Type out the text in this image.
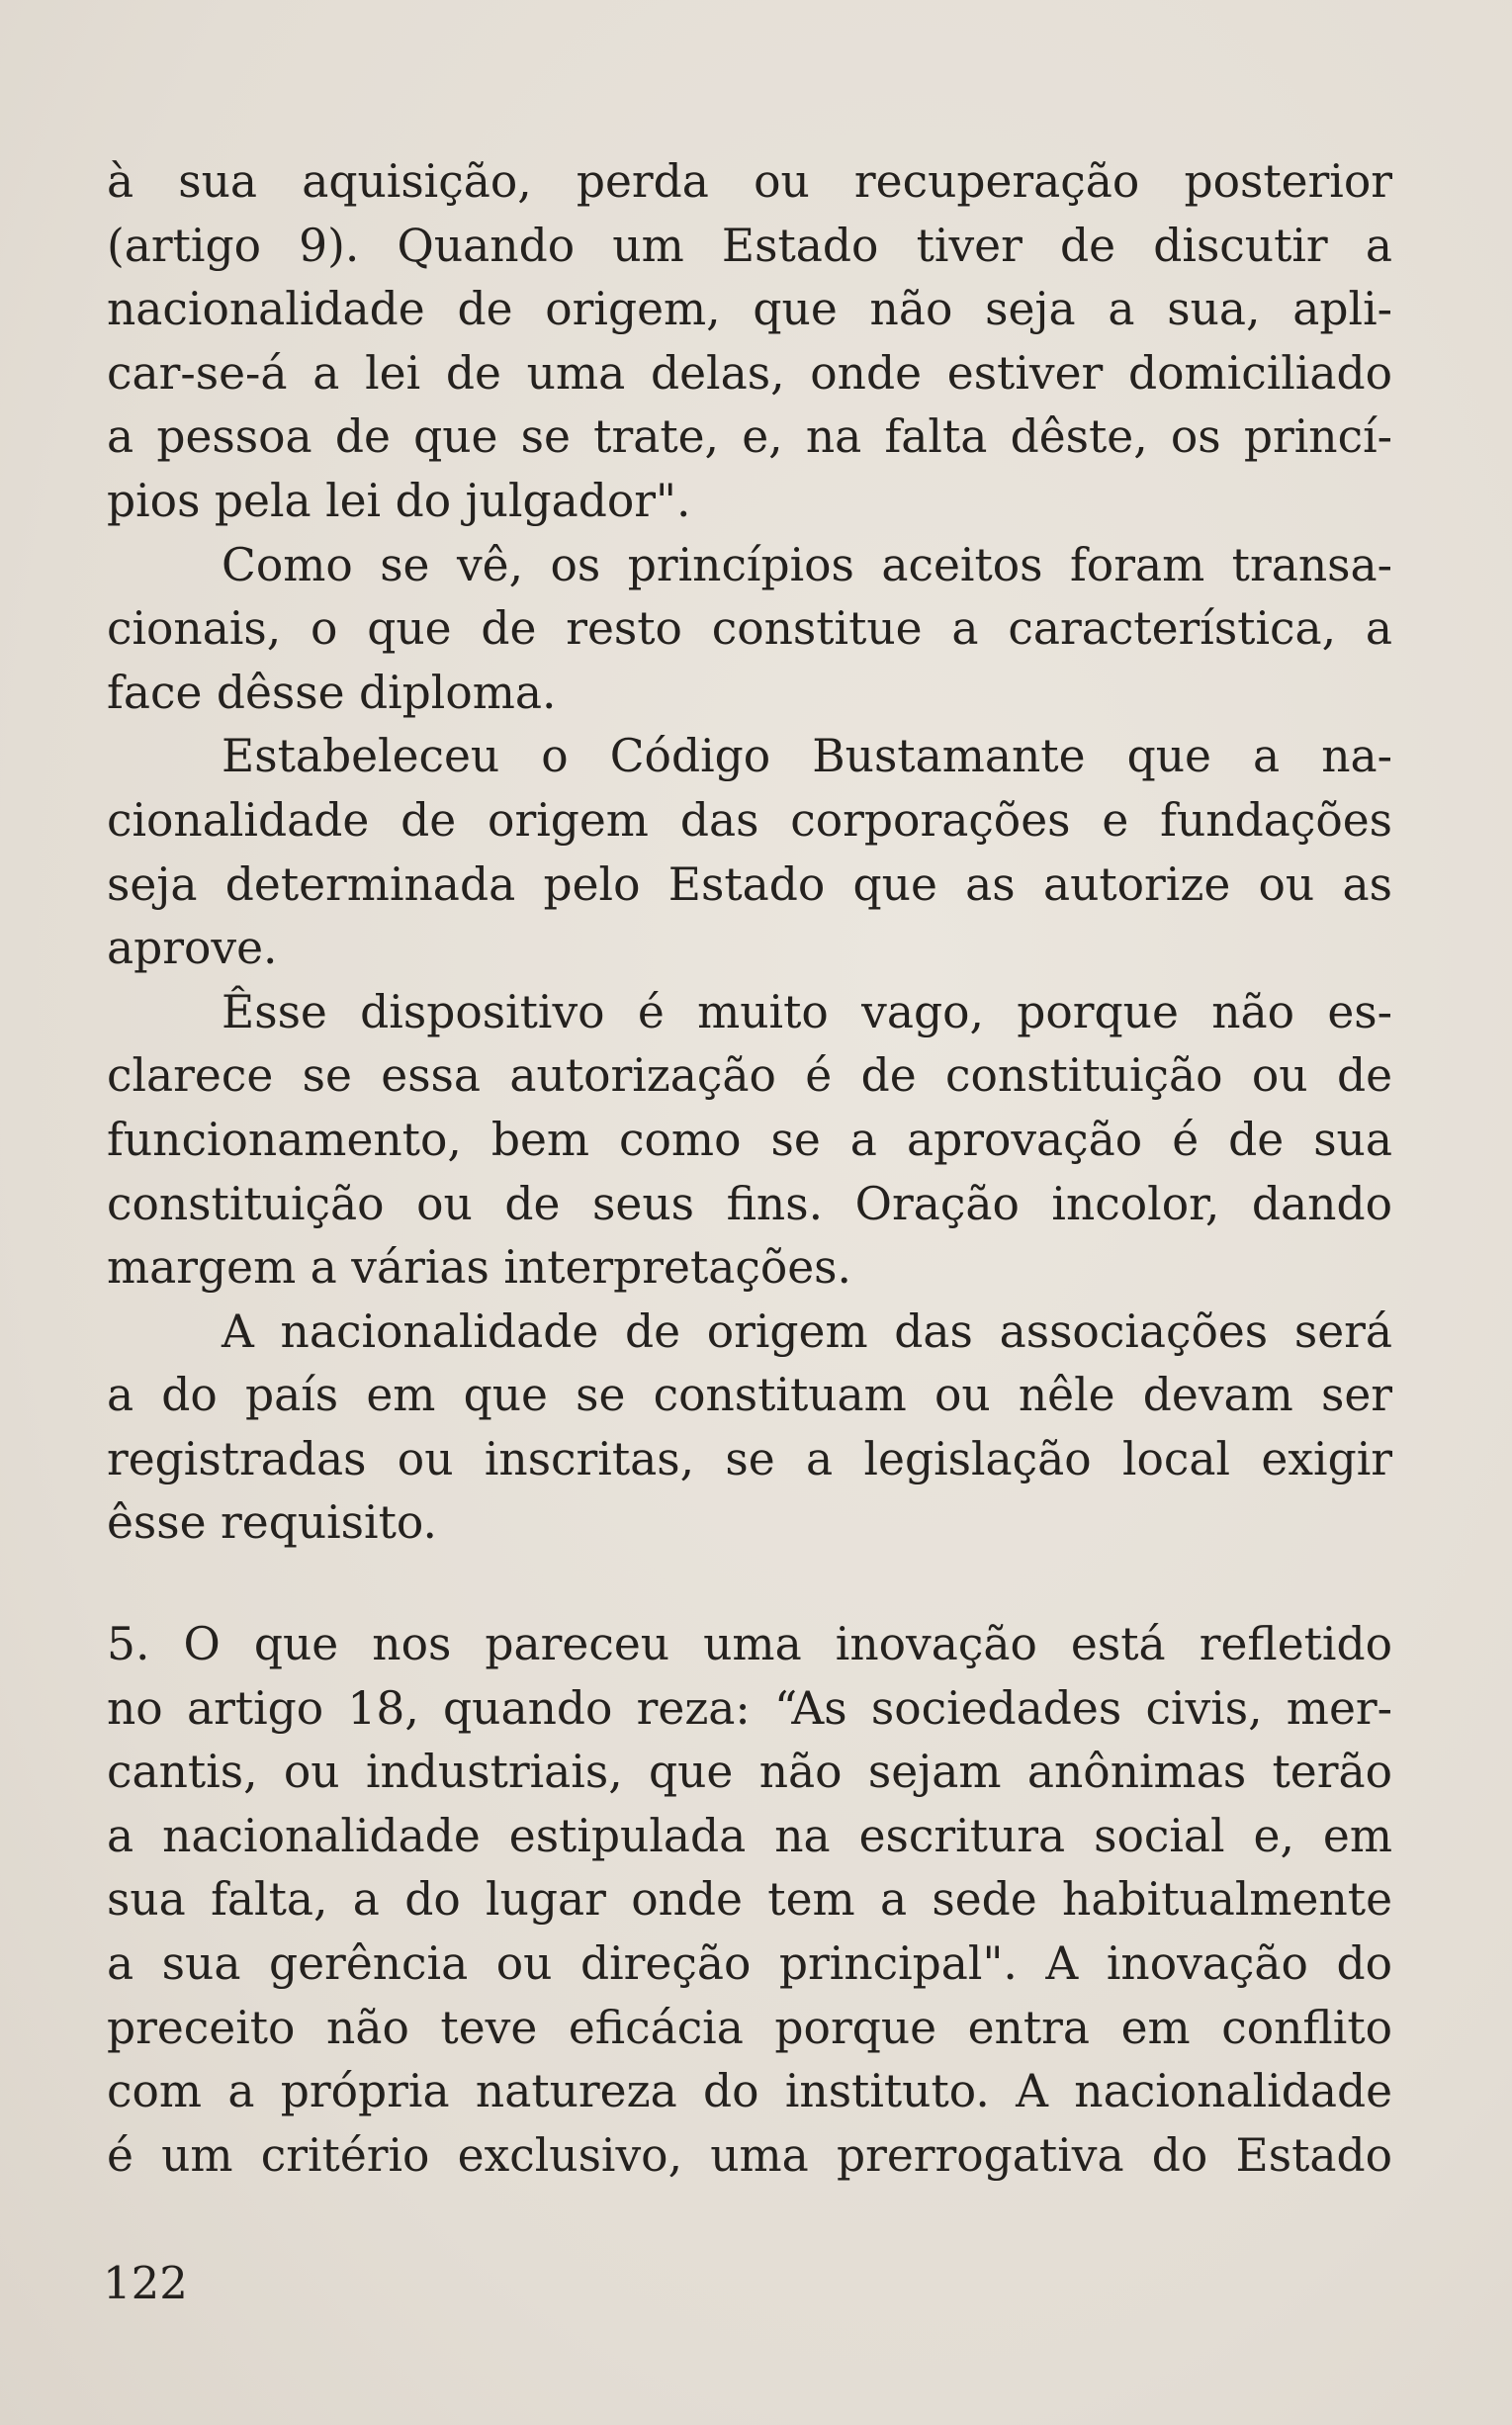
à sua aquisição, perda ou recuperação posterior
(artigo 9). Quando um Estado tiver de discutir a
nacionalidade de origem, que não seja a sua, apli-
car-se-á a lei de uma delas, onde estiver domiciliado
a pessoa de que se trate, e, na falta dêste, os princí-
pios pela lei do julgador".
Como se vê, os princípios aceitos foram transa-
cionais, o que de resto constitue a característica, a
face dêsse diploma.
Estabeleceu o Código Bustamante que a na-
cionalidade de origem das corporações e fundações
seja determinada pelo Estado que as autorize ou as
aprove.
Êsse dispositivo é muito vago, porque não es-
clarece se essa autorização é de constituição ou de
funcionamento, bem como se a aprovação é de sua
constituição ou de seus fins. Oração incolor, dando
margem a várias interpretações.
A nacionalidade de origem das associações será
a do país em que se constituam ou nêle devam ser
registradas ou inscritas, se a legislação local exigir
êsse requisito.
5. O que nos pareceu uma inovação está refletido
no artigo 18, quando reza: “As sociedades civis, mer-
cantis, ou industriais, que não sejam anônimas terão
a nacionalidade estipulada na escritura social e, em
sua falta, a do lugar onde tem a sede habitualmente
a sua gerência ou direção principal". A inovação do
preceito não teve eficácia porque entra em conflito
com a própria natureza do instituto. A nacionalidade
é um critério exclusivo, uma prerrogativa do Estado
122
